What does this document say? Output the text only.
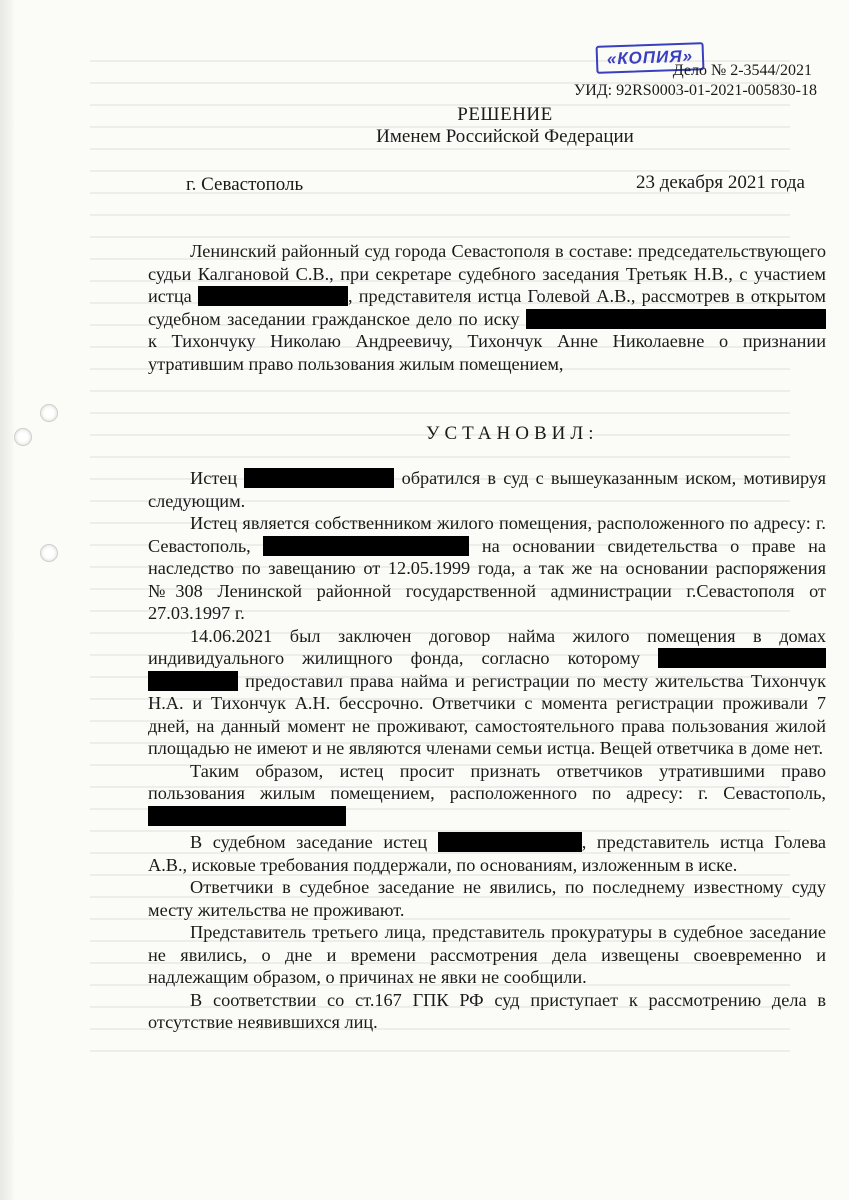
«КОПИЯ»
Дело № 2-3544/2021
УИД: 92RS0003-01-2021-005830-18
РЕШЕНИЕ
Именем Российской Федерации
г. Севастополь	23 декабря 2021 года

Ленинский районный суд города Севастополя в составе: председательствующего судьи Калгановой С.В., при секретаре судебного заседания Третьяк Н.В., с участием истца	, представителя истца Голевой А.В., рассмотрев в открытом судебном заседании гражданское дело по иску  к Тихончуку Николаю Андреевичу, Тихончук Анне Николаевне о признании утратившим право пользования жилым помещением,

УСТАНОВИЛ:

Истец	обратился в суд с вышеуказанным иском, мотивируя следующим.

Истец является собственником жилого помещения, расположенного по адресу: г. Севастополь,	на основании свидетельства о праве на наследство по завещанию от 12.05.1999 года, а так же на основании распоряжения №308 Ленинской районной государственной администрации г.Севастополя от 27.03.1997 г.

14.06.2021 был заключен договор найма жилого помещения в домах индивидуального жилищного фонда, согласно которому   предоставил права найма и регистрации по месту жительства Тихончук Н.А. и Тихончук А.Н. бессрочно. Ответчики с момента регистрации проживали 7 дней, на данный момент не проживают, самостоятельного права пользования жилой площадью не имеют и не являются членами семьи истца. Вещей ответчика в доме нет.

Таким образом, истец просит признать ответчиков утратившими право пользования жилым помещением, расположенного по адресу: г. Севастополь,

В судебном заседание истец	, представитель истца Голева А.В., исковые требования поддержали, по основаниям, изложенным в иске.

Ответчики в судебное заседание не явились, по последнему известному суду месту жительства не проживают.

Представитель третьего лица, представитель прокуратуры в судебное заседание не явились, о дне и времени рассмотрения дела извещены своевременно и надлежащим образом, о причинах не явки не сообщили.

В соответствии со ст.167 ГПК РФ суд приступает к рассмотрению дела в отсутствие неявившихся лиц.
